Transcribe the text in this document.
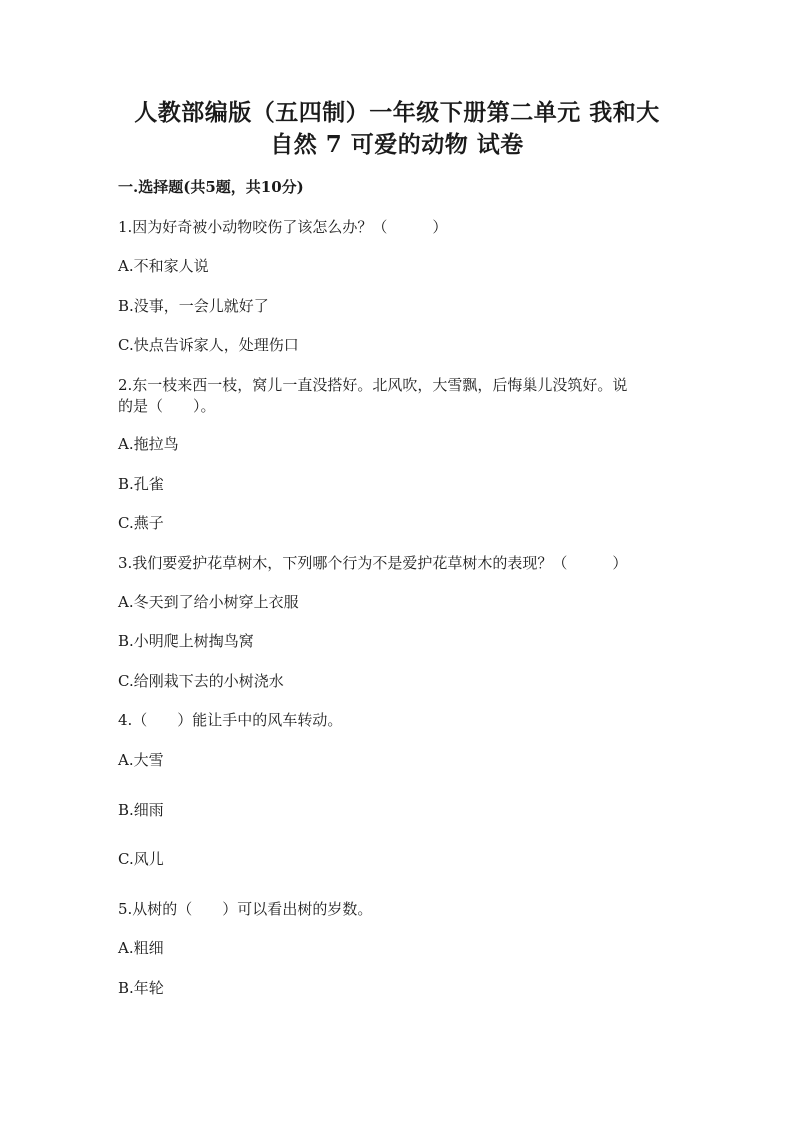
人教部编版（五四制）一年级下册第二单元 我和大
自然 7 可爱的动物 试卷
一.选择题(共5题，共10分)
1.因为好奇被小动物咬伤了该怎么办？（　　　）
A.不和家人说
B.没事，一会儿就好了
C.快点告诉家人，处理伤口
2.东一枝来西一枝，窝儿一直没搭好。北风吹，大雪飘，后悔巢儿没筑好。说
的是（　　）。
A.拖拉鸟
B.孔雀
C.燕子
3.我们要爱护花草树木，下列哪个行为不是爱护花草树木的表现？（　　　）
A.冬天到了给小树穿上衣服
B.小明爬上树掏鸟窝
C.给刚栽下去的小树浇水
4.（　　）能让手中的风车转动。
A.大雪
B.细雨
C.风儿
5.从树的（　　）可以看出树的岁数。
A.粗细
B.年轮
